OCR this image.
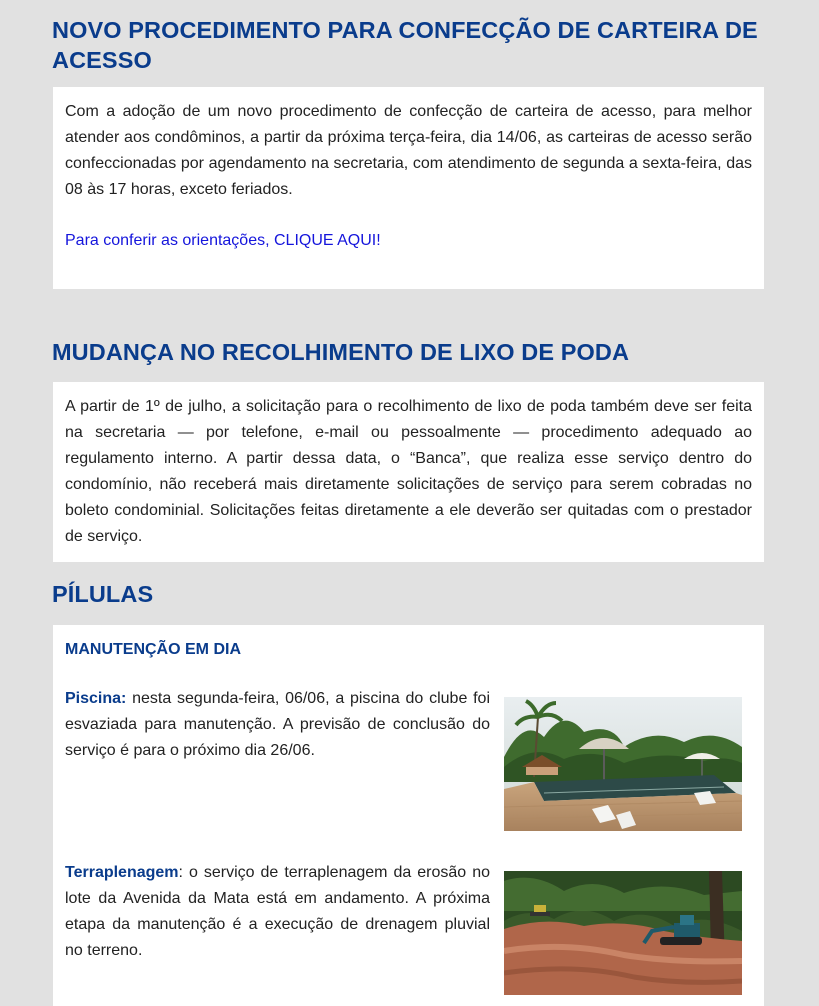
NOVO PROCEDIMENTO PARA CONFECÇÃO DE CARTEIRA DE ACESSO

Com a adoção de um novo procedimento de confecção de carteira de acesso, para melhor atender aos condôminos, a partir da próxima terça-feira, dia 14/06, as carteiras de acesso serão confeccionadas por agendamento na secretaria, com atendimento de segunda a sexta-feira, das 08 às 17 horas, exceto feriados.

Para conferir as orientações, CLIQUE AQUI!
MUDANÇA NO RECOLHIMENTO DE LIXO DE PODA

A partir de 1º de julho, a solicitação para o recolhimento de lixo de poda também deve ser feita na secretaria — por telefone, e-mail ou pessoalmente — procedimento adequado ao regulamento interno. A partir dessa data, o “Banca”, que realiza esse serviço dentro do condomínio, não receberá mais diretamente solicitações de serviço para serem cobradas no boleto condominial. Solicitações feitas diretamente a ele deverão ser quitadas com o prestador de serviço.

PÍLULAS

MANUTENÇÃO EM DIA

Piscina: nesta segunda-feira, 06/06, a piscina do clube foi esvaziada para manutenção. A previsão de conclusão do serviço é para o próximo dia 26/06.

Terraplenagem: o serviço de terraplenagem da erosão no lote da Avenida da Mata está em andamento. A próxima etapa da manutenção é a execução de drenagem pluvial no terreno.
